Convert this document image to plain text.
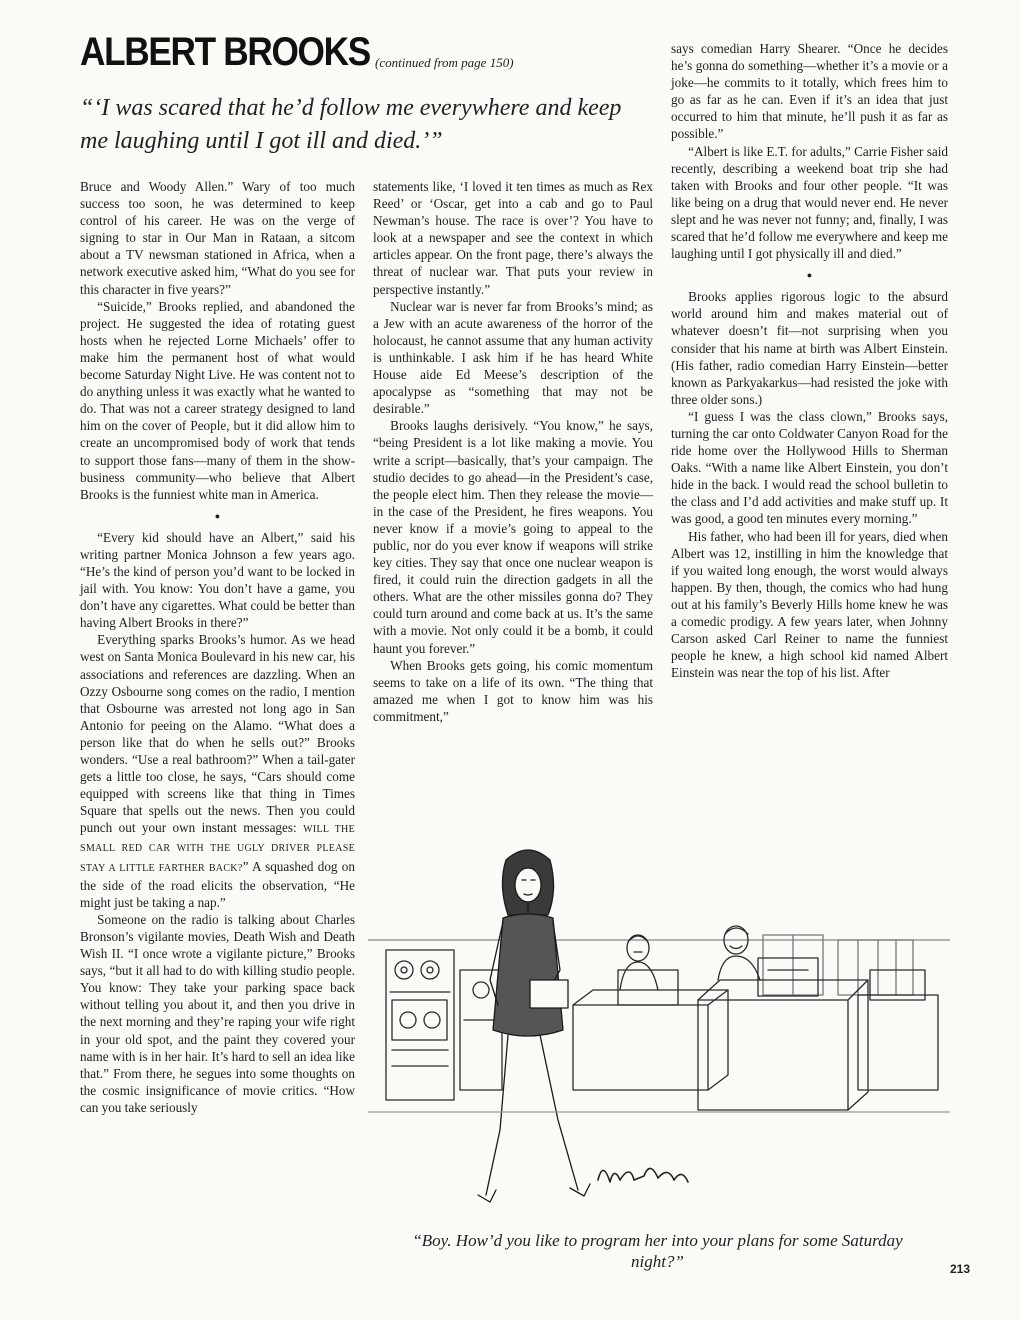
ALBERT BROOKS (continued from page 150)
“‘I was scared that he’d follow me everywhere and keep me laughing until I got ill and died.’”

Bruce and Woody Allen.” Wary of too much success too soon, he was determined to keep control of his career. He was on the verge of signing to star in Our Man in Rataan, a sitcom about a TV newsman stationed in Africa, when a network executive asked him, “What do you see for this character in five years?”

“Suicide,” Brooks replied, and abandoned the project. He suggested the idea of rotating guest hosts when he rejected Lorne Michaels’ offer to make him the permanent host of what would become Saturday Night Live. He was content not to do anything unless it was exactly what he wanted to do. That was not a career strategy designed to land him on the cover of People, but it did allow him to create an uncompromised body of work that tends to support those fans—many of them in the show-business community—who believe that Albert Brooks is the funniest white man in America.

●

“Every kid should have an Albert,” said his writing partner Monica Johnson a few years ago. “He’s the kind of person you’d want to be locked in jail with. You know: You don’t have a game, you don’t have any cigarettes. What could be better than having Albert Brooks in there?”

Everything sparks Brooks’s humor. As we head west on Santa Monica Boulevard in his new car, his associations and references are dazzling. When an Ozzy Osbourne song comes on the radio, I mention that Osbourne was arrested not long ago in San Antonio for peeing on the Alamo. “What does a person like that do when he sells out?” Brooks wonders. “Use a real bathroom?” When a tail-gater gets a little too close, he says, “Cars should come equipped with screens like that thing in Times Square that spells out the news. Then you could punch out your own instant messages: WILL THE SMALL RED CAR WITH THE UGLY DRIVER PLEASE STAY A LITTLE FARTHER BACK?” A squashed dog on the side of the road elicits the observation, “He might just be taking a nap.”

Someone on the radio is talking about Charles Bronson’s vigilante movies, Death Wish and Death Wish II. “I once wrote a vigilante picture,” Brooks says, “but it all had to do with killing studio people. You know: They take your parking space back without telling you about it, and then you drive in the next morning and they’re raping your wife right in your old spot, and the paint they covered your name with is in her hair. It’s hard to sell an idea like that.” From there, he segues into some thoughts on the cosmic insignificance of movie critics. “How can you take seriously

statements like, ‘I loved it ten times as much as Rex Reed’ or ‘Oscar, get into a cab and go to Paul Newman’s house. The race is over’? You have to look at a newspaper and see the context in which articles appear. On the front page, there’s always the threat of nuclear war. That puts your review in perspective instantly.”

Nuclear war is never far from Brooks’s mind; as a Jew with an acute awareness of the horror of the holocaust, he cannot assume that any human activity is unthinkable. I ask him if he has heard White House aide Ed Meese’s description of the apocalypse as “something that may not be desirable.”

Brooks laughs derisively. “You know,” he says, “being President is a lot like making a movie. You write a script—basically, that’s your campaign. The studio decides to go ahead—in the President’s case, the people elect him. Then they release the movie—in the case of the President, he fires weapons. You never know if a movie’s going to appeal to the public, nor do you ever know if weapons will strike key cities. They say that once one nuclear weapon is fired, it could ruin the direction gadgets in all the others. What are the other missiles gonna do? They could turn around and come back at us. It’s the same with a movie. Not only could it be a bomb, it could haunt you forever.”

When Brooks gets going, his comic momentum seems to take on a life of its own. “The thing that amazed me when I got to know him was his commitment,”

says comedian Harry Shearer. “Once he decides he’s gonna do something—whether it’s a movie or a joke—he commits to it totally, which frees him to go as far as he can. Even if it’s an idea that just occurred to him that minute, he’ll push it as far as possible.”

“Albert is like E.T. for adults,” Carrie Fisher said recently, describing a weekend boat trip she had taken with Brooks and four other people. “It was like being on a drug that would never end. He never slept and he was never not funny; and, finally, I was scared that he’d follow me everywhere and keep me laughing until I got physically ill and died.”

●

Brooks applies rigorous logic to the absurd world around him and makes material out of whatever doesn’t fit—not surprising when you consider that his name at birth was Albert Einstein. (His father, radio comedian Harry Einstein—better known as Parkyakarkus—had resisted the joke with three older sons.)

“I guess I was the class clown,” Brooks says, turning the car onto Coldwater Canyon Road for the ride home over the Hollywood Hills to Sherman Oaks. “With a name like Albert Einstein, you don’t hide in the back. I would read the school bulletin to the class and I’d add activities and make stuff up. It was good, a good ten minutes every morning.”

His father, who had been ill for years, died when Albert was 12, instilling in him the knowledge that if you waited long enough, the worst would always happen. By then, though, the comics who had hung out at his family’s Beverly Hills home knew he was a comedic prodigy. A few years later, when Johnny Carson asked Carl Reiner to name the funniest people he knew, a high school kid named Albert Einstein was near the top of his list. After

“Boy. How’d you like to program her into your plans for some Saturday night?”	213
